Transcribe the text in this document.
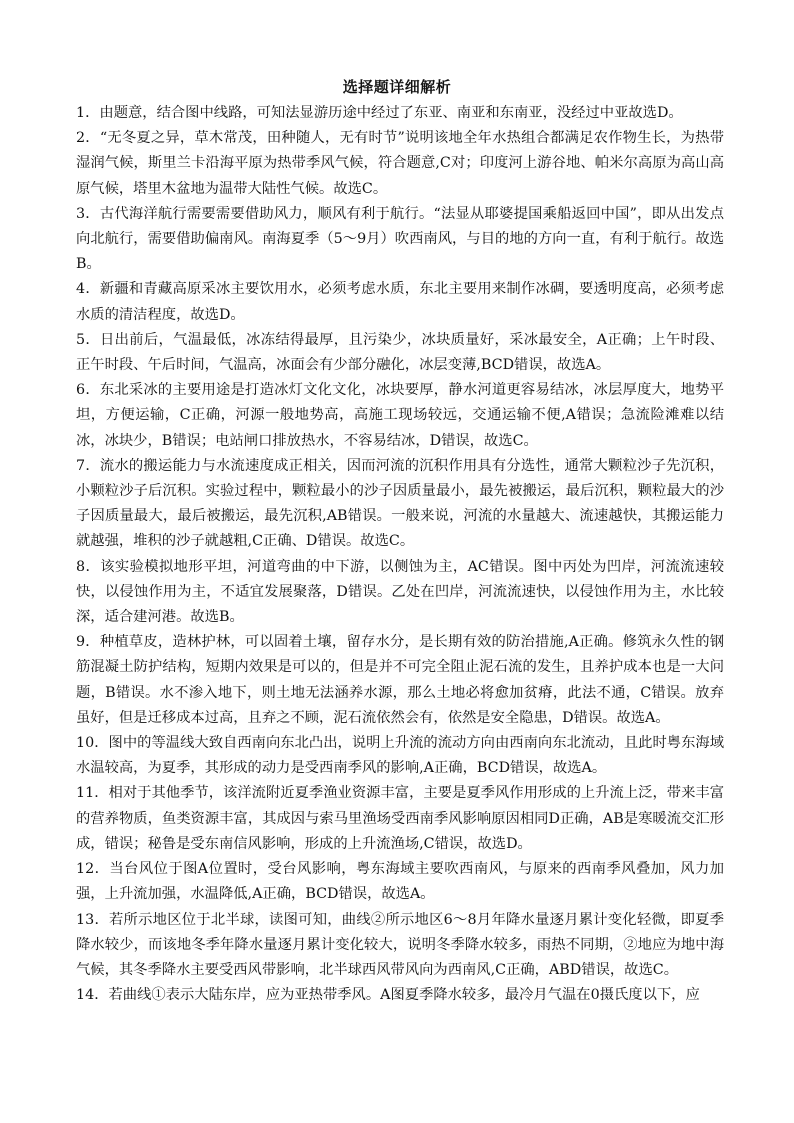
选择题详细解析

1．由题意，结合图中线路，可知法显游历途中经过了东亚、南亚和东南亚，没经过中亚故选D。

2．“无冬夏之异，草木常茂，田种随人，无有时节”说明该地全年水热组合都满足农作物生长，为热带湿润气候，斯里兰卡沿海平原为热带季风气候，符合题意,C对；印度河上游谷地、帕米尔高原为高山高原气候，塔里木盆地为温带大陆性气候。故选C。

3．古代海洋航行需要需要借助风力，顺风有利于航行。“法显从耶婆提国乘船返回中国”，即从出发点向北航行，需要借助偏南风。南海夏季（5～9月）吹西南风，与目的地的方向一直，有利于航行。故选B。

4．新疆和青藏高原采冰主要饮用水，必须考虑水质，东北主要用来制作冰碉，要透明度高，必须考虑水质的清洁程度，故选D。

5．日出前后，气温最低，冰冻结得最厚，且污染少，冰块质量好，采冰最安全，A正确；上午时段、正午时段、午后时间，气温高，冰面会有少部分融化，冰层变薄,BCD错误，故选A。

6．东北采冰的主要用途是打造冰灯文化文化，冰块要厚，静水河道更容易结冰，冰层厚度大，地势平坦，方便运输，C正确，河源一般地势高，高施工现场较远，交通运输不便,A错误；急流险滩难以结冰，冰块少，B错误；电站闸口排放热水，不容易结冰，D错误，故选C。

7．流水的搬运能力与水流速度成正相关，因而河流的沉积作用具有分选性，通常大颗粒沙子先沉积，小颗粒沙子后沉积。实验过程中，颗粒最小的沙子因质量最小，最先被搬运，最后沉积，颗粒最大的沙子因质量最大，最后被搬运，最先沉积,AB错误。一般来说，河流的水量越大、流速越快，其搬运能力就越强，堆积的沙子就越粗,C正确、D错误。故选C。

8．该实验模拟地形平坦，河道弯曲的中下游，以侧蚀为主，AC错误。图中丙处为凹岸，河流流速较快，以侵蚀作用为主，不适宜发展聚落，D错误。乙处在凹岸，河流流速快，以侵蚀作用为主，水比较深，适合建河港。故选B。

9．种植草皮，造林护林，可以固着土壤，留存水分，是长期有效的防治措施,A正确。修筑永久性的钢筋混凝土防护结构，短期内效果是可以的，但是并不可完全阻止泥石流的发生，且养护成本也是一大问题，B错误。水不渗入地下，则土地无法涵养水源，那么土地必将愈加贫瘠，此法不通，C错误。放弃虽好，但是迁移成本过高，且弃之不顾，泥石流依然会有，依然是安全隐患，D错误。故选A。

10．图中的等温线大致自西南向东北凸出，说明上升流的流动方向由西南向东北流动，且此时粤东海域水温较高，为夏季，其形成的动力是受西南季风的影响,A正确，BCD错误，故选A。

11．相对于其他季节，该洋流附近夏季渔业资源丰富，主要是夏季风作用形成的上升流上泛，带来丰富的营养物质，鱼类资源丰富，其成因与索马里渔场受西南季风影响原因相同D正确，AB是寒暖流交汇形成，错误；秘鲁是受东南信风影响，形成的上升流渔场,C错误，故选D。

12．当台风位于图A位置时，受台风影响，粤东海域主要吹西南风，与原来的西南季风叠加，风力加强，上升流加强，水温降低,A正确，BCD错误，故选A。

13．若所示地区位于北半球，读图可知，曲线②所示地区6～8月年降水量逐月累计变化轻微，即夏季降水较少，而该地冬季年降水量逐月累计变化较大，说明冬季降水较多，雨热不同期，②地应为地中海气候，其冬季降水主要受西风带影响，北半球西风带风向为西南风,C正确，ABD错误，故选C。

14．若曲线①表示大陆东岸，应为亚热带季风。A图夏季降水较多，最冷月气温在0摄氏度以下，应
